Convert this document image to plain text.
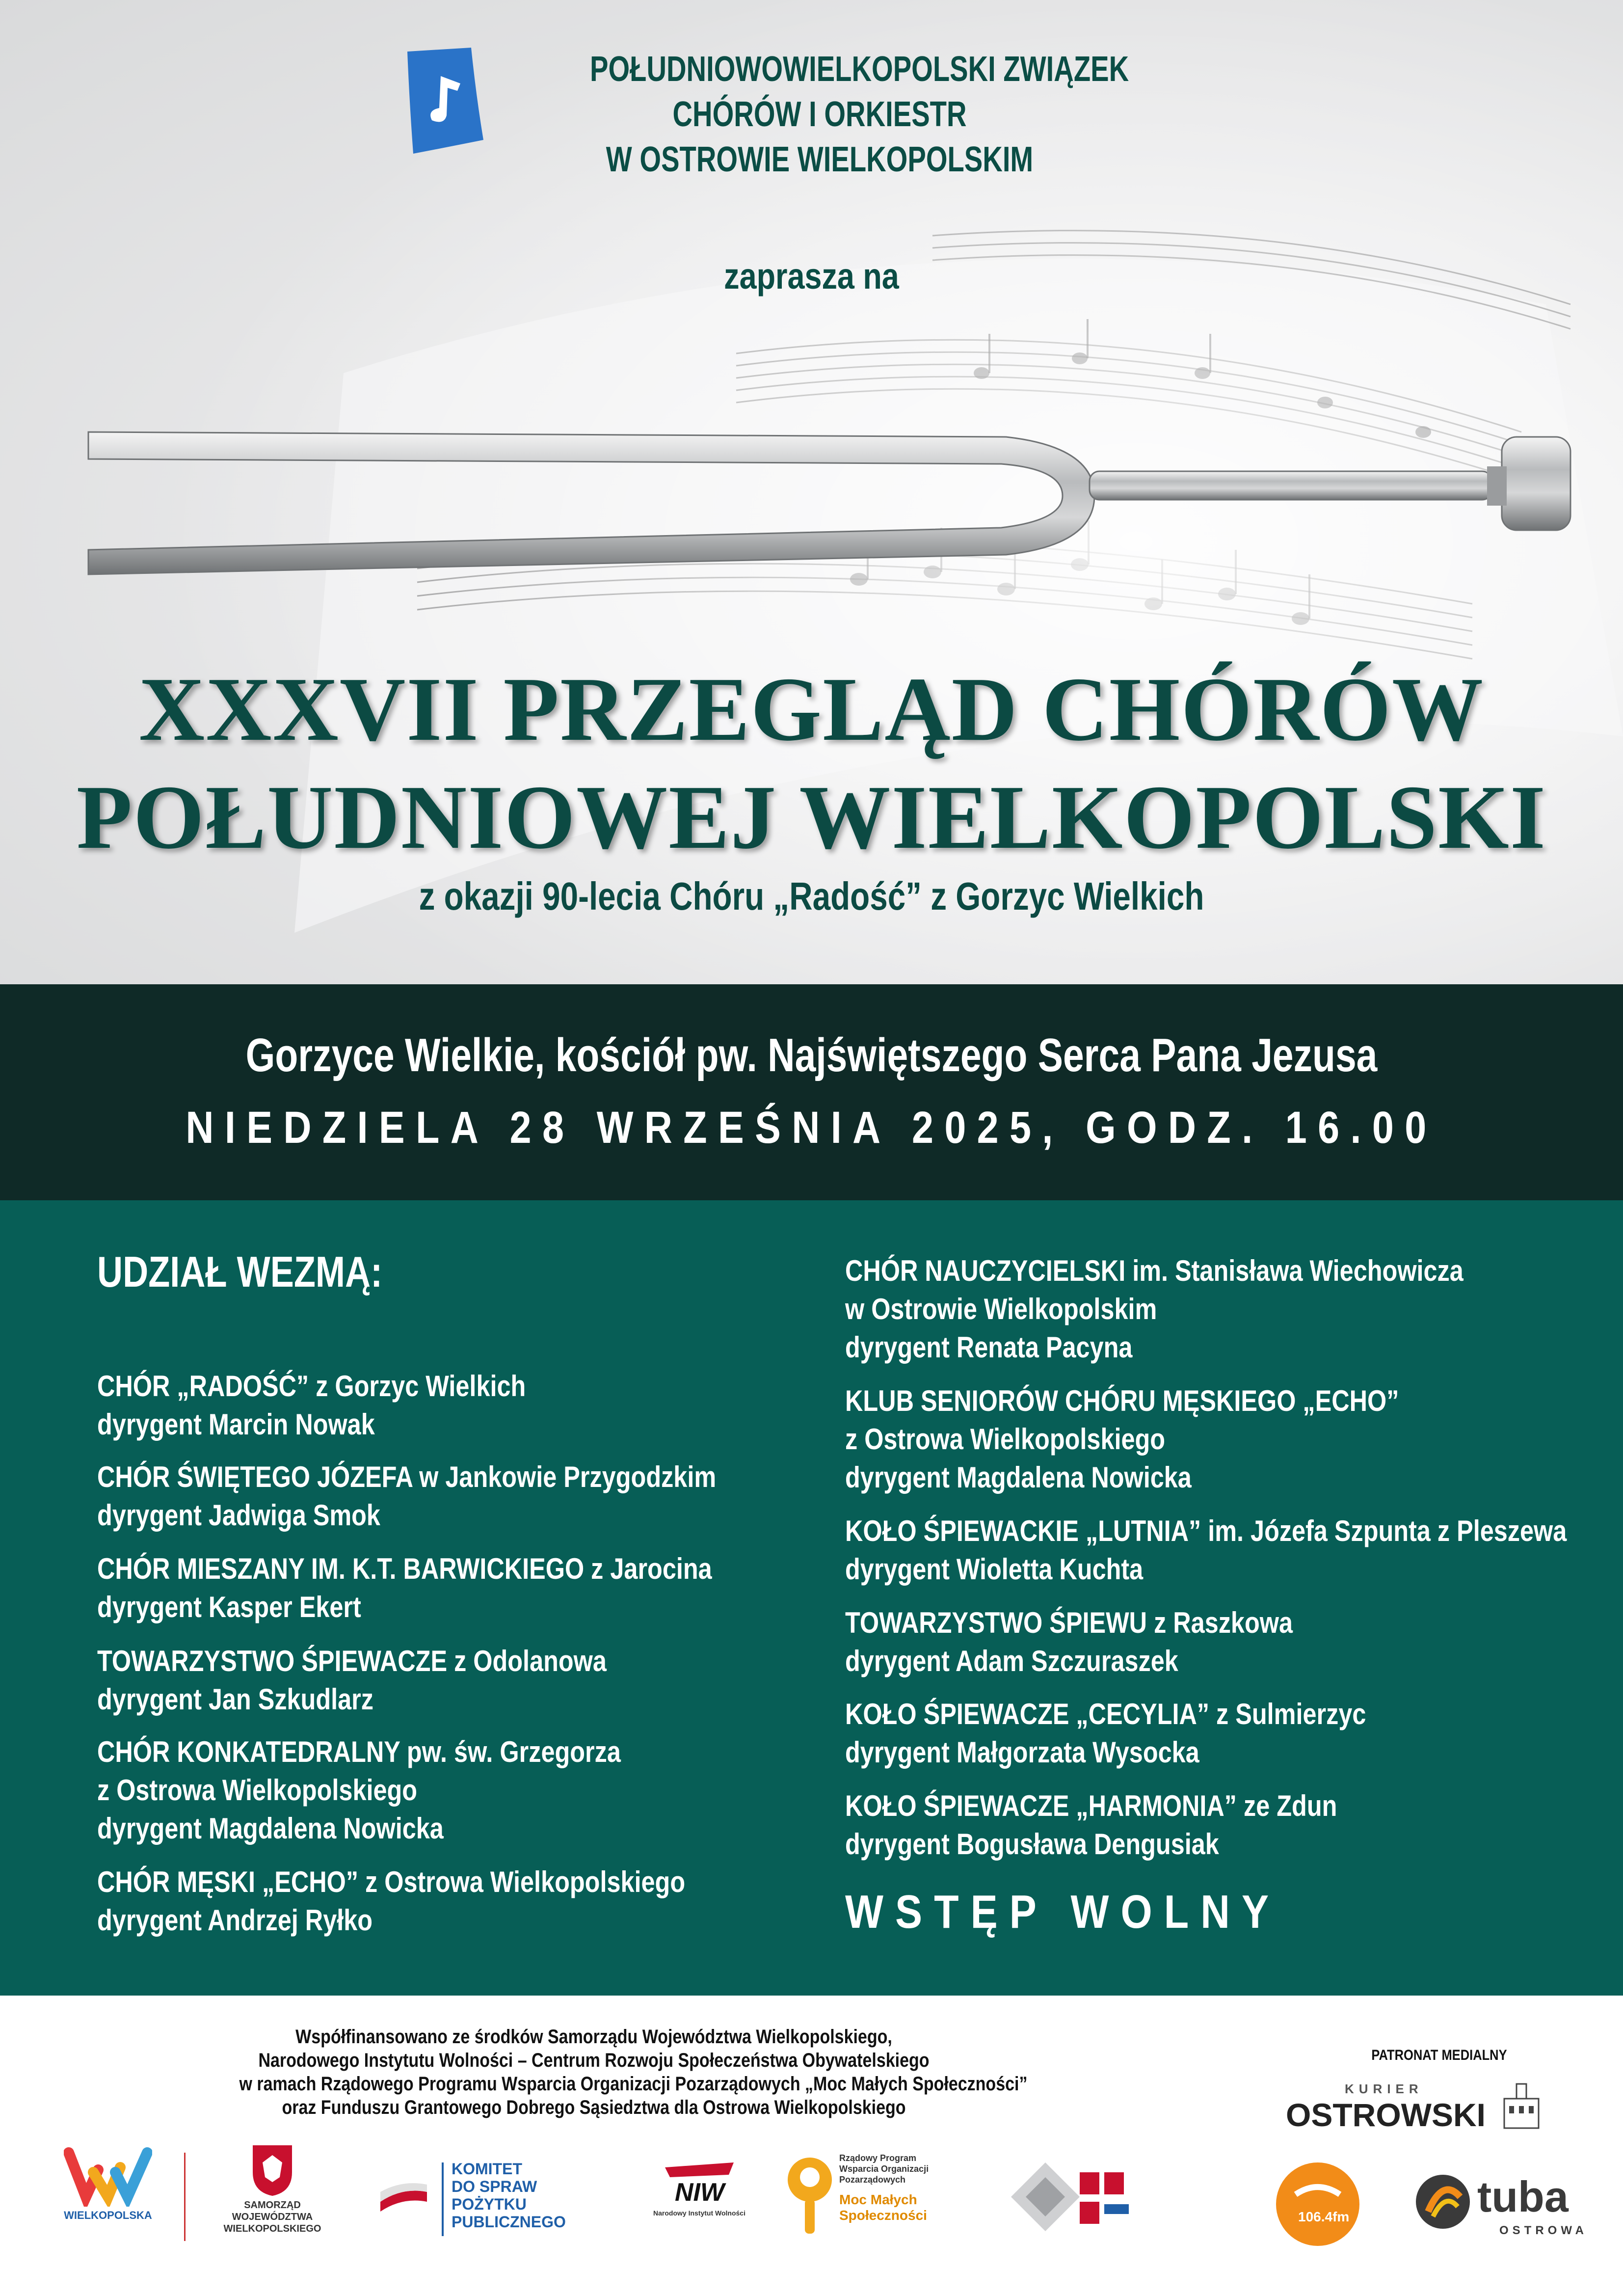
POŁUDNIOWOWIELKOPOLSKI ZWIĄZEK
CHÓRÓW I ORKIESTR
W OSTROWIE WIELKOPOLSKIM
zaprasza na
XXXVII PRZEGLĄD CHÓRÓW
POŁUDNIOWEJ WIELKOPOLSKI
z okazji 90-lecia Chóru „Radość” z Gorzyc Wielkich
Gorzyce Wielkie, kościół pw. Najświętszego Serca Pana Jezusa
NIEDZIELA 28 WRZEŚNIA 2025, GODZ. 16.00
UDZIAŁ WEZMĄ:
CHÓR „RADOŚĆ” z Gorzyc Wielkich
dyrygent Marcin Nowak
CHÓR ŚWIĘTEGO JÓZEFA w Jankowie Przygodzkim
dyrygent Jadwiga Smok
CHÓR MIESZANY IM. K.T. BARWICKIEGO z Jarocina
dyrygent Kasper Ekert
TOWARZYSTWO ŚPIEWACZE z Odolanowa
dyrygent Jan Szkudlarz
CHÓR KONKATEDRALNY pw. św. Grzegorza
z Ostrowa Wielkopolskiego
dyrygent Magdalena Nowicka
CHÓR MĘSKI „ECHO” z Ostrowa Wielkopolskiego
dyrygent Andrzej Ryłko
CHÓR NAUCZYCIELSKI im. Stanisława Wiechowicza
w Ostrowie Wielkopolskim
dyrygent Renata Pacyna
KLUB SENIORÓW CHÓRU MĘSKIEGO „ECHO”
z Ostrowa Wielkopolskiego
dyrygent Magdalena Nowicka
KOŁO ŚPIEWACKIE „LUTNIA” im. Józefa Szpunta z Pleszewa
dyrygent Wioletta Kuchta
TOWARZYSTWO ŚPIEWU z Raszkowa
dyrygent Adam Szczuraszek
KOŁO ŚPIEWACZE „CECYLIA” z Sulmierzyc
dyrygent Małgorzata Wysocka
KOŁO ŚPIEWACZE „HARMONIA” ze Zdun
dyrygent Bogusława Dengusiak
WSTĘP WOLNY
Współfinansowano ze środków Samorządu Województwa Wielkopolskiego,
Narodowego Instytutu Wolności – Centrum Rozwoju Społeczeństwa Obywatelskiego
w ramach Rządowego Programu Wsparcia Organizacji Pozarządowych „Moc Małych Społeczności”
oraz Funduszu Grantowego Dobrego Sąsiedztwa dla Ostrowa Wielkopolskiego
PATRONAT MEDIALNY
WIELKOPOLSKA
SAMORZĄD
WOJEWÓDZTWA
WIELKOPOLSKIEGO
KOMITET
DO SPRAW
POŻYTKU
PUBLICZNEGO
NIW
Narodowy Instytut Wolności
Rządowy Program
Wsparcia Organizacji
Pozarządowych
Moc Małych
Społeczności
KURIER
OSTROWSKI
106.4fm	tuba
OSTROWA
